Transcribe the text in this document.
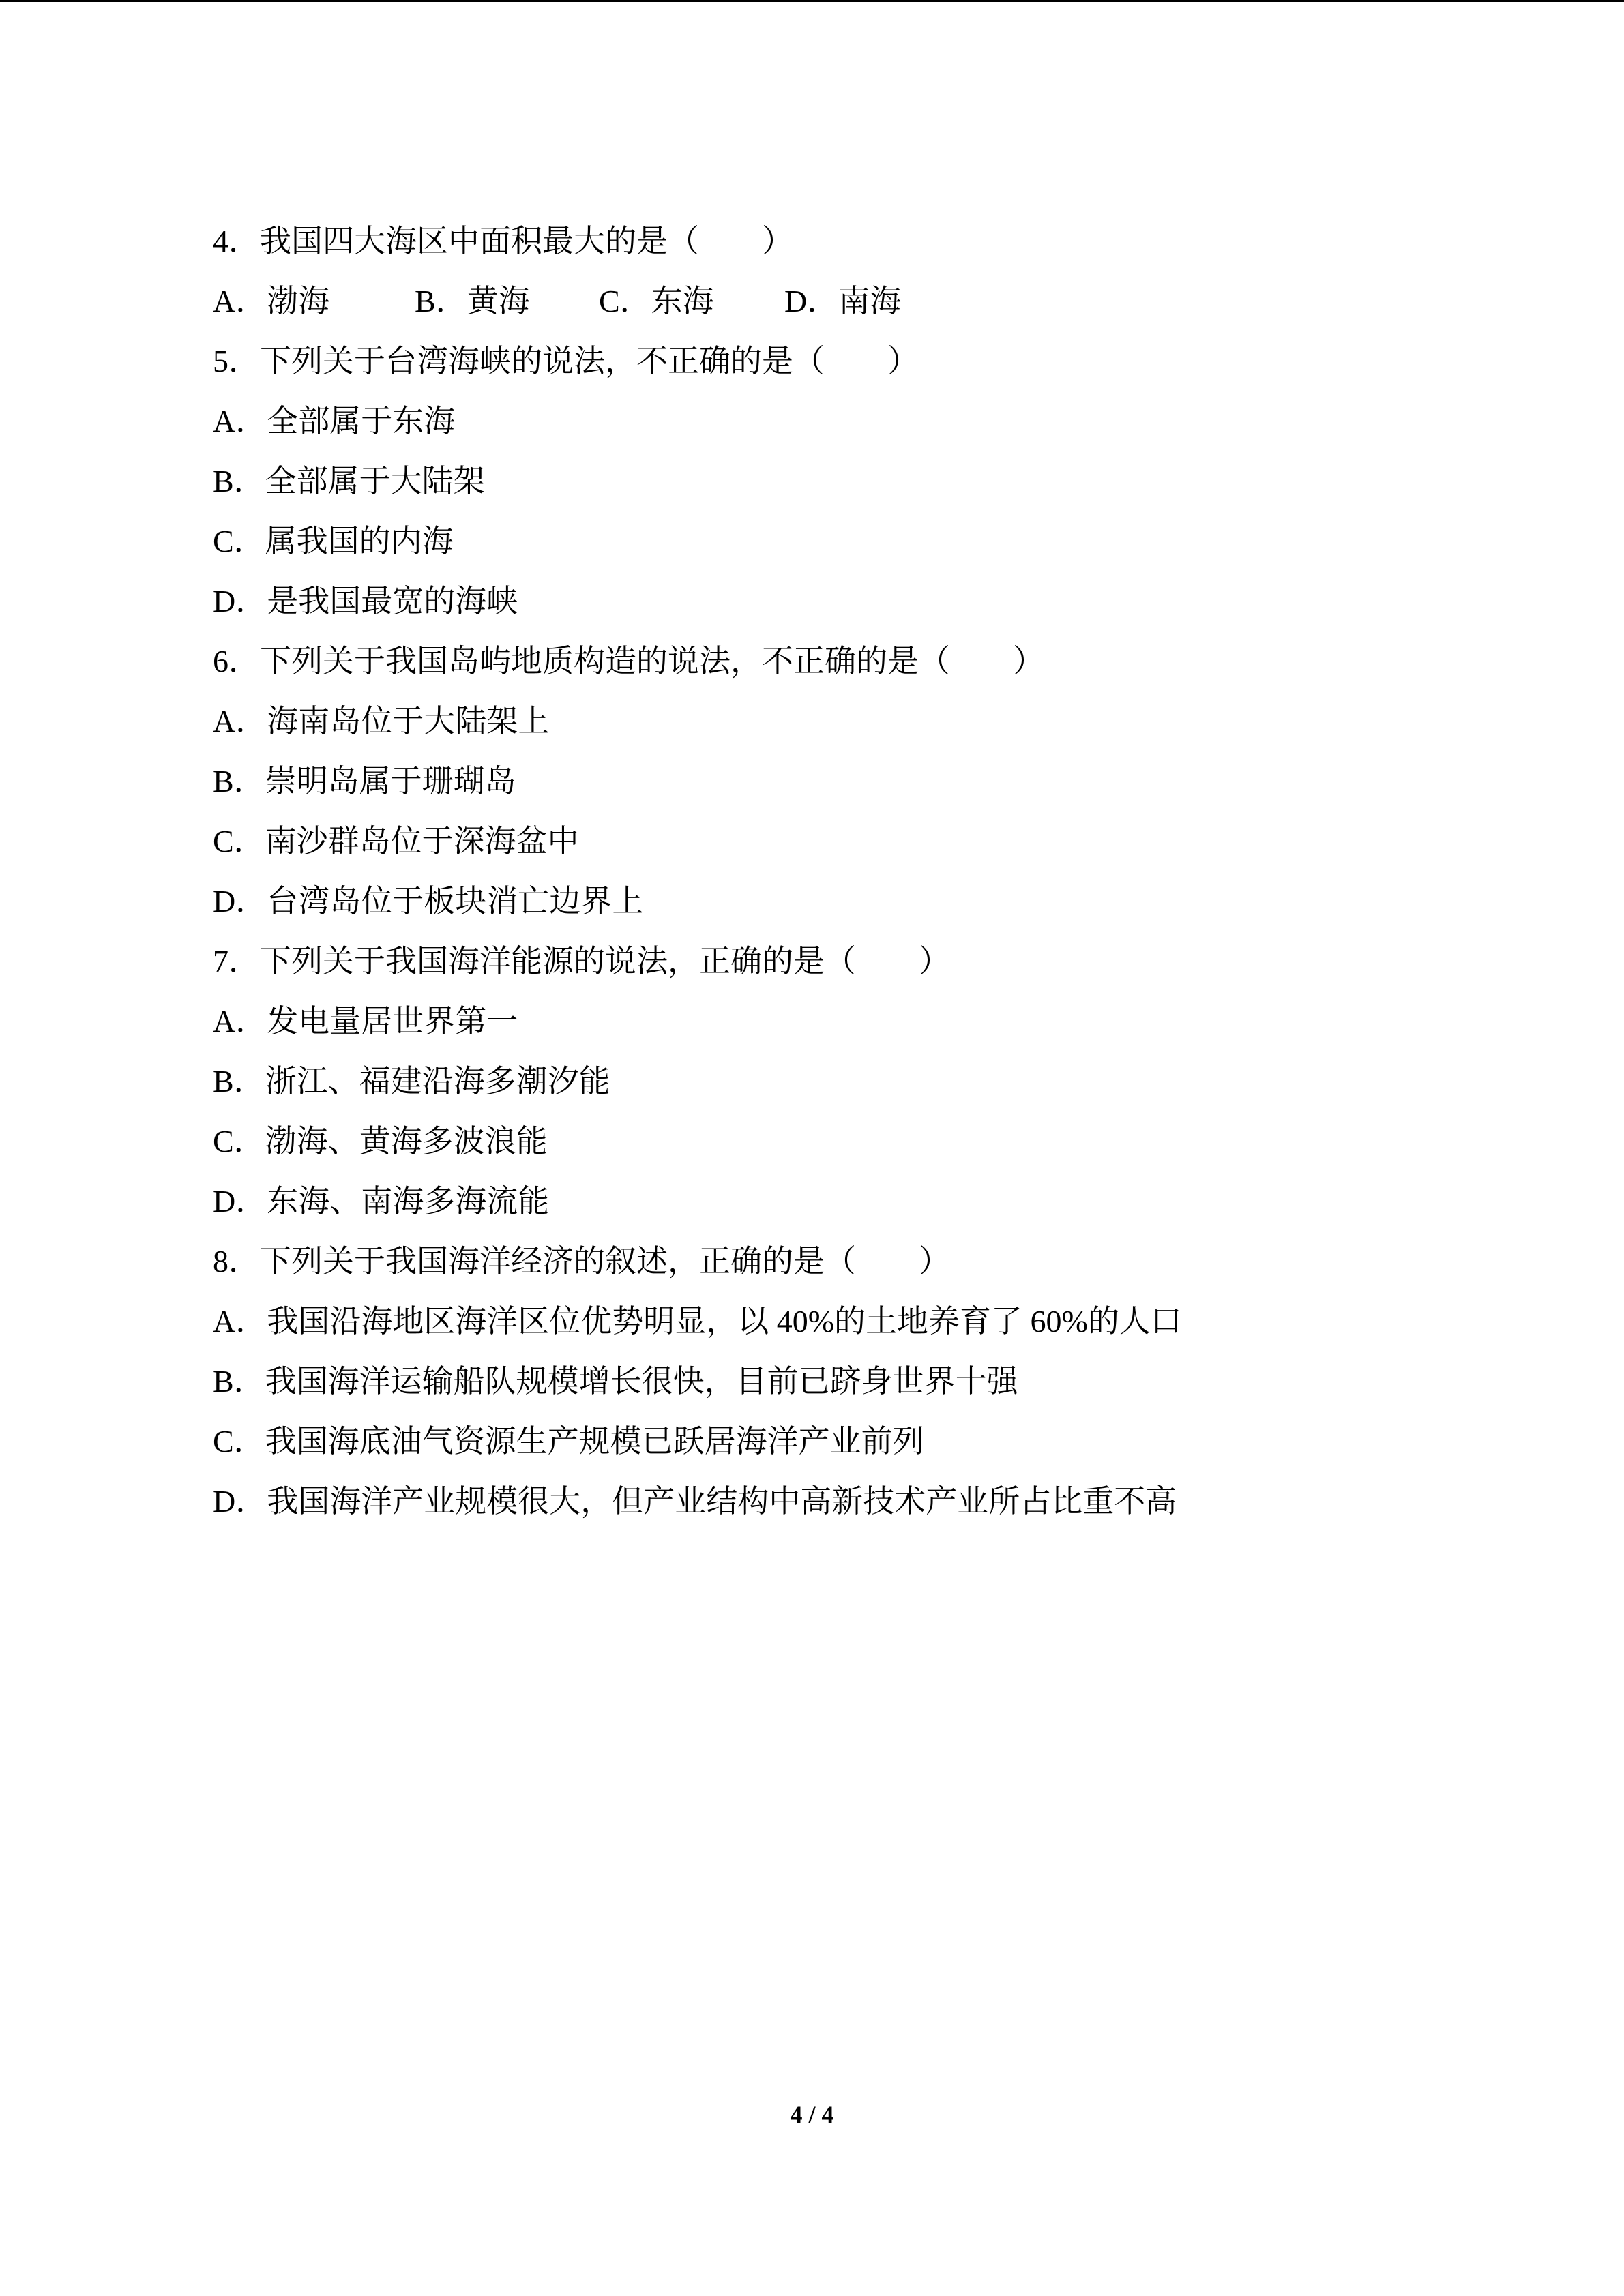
4．我国四大海区中面积最大的是（　　）
A．渤海	B．黄海	C．东海	D．南海
5．下列关于台湾海峡的说法，不正确的是（　　）
A．全部属于东海
B．全部属于大陆架
C．属我国的内海
D．是我国最宽的海峡
6．下列关于我国岛屿地质构造的说法，不正确的是（　　）
A．海南岛位于大陆架上
B．崇明岛属于珊瑚岛
C．南沙群岛位于深海盆中
D．台湾岛位于板块消亡边界上
7．下列关于我国海洋能源的说法，正确的是（　　）
A．发电量居世界第一
B．浙江、福建沿海多潮汐能
C．渤海、黄海多波浪能
D．东海、南海多海流能
8．下列关于我国海洋经济的叙述，正确的是（　　）
A．我国沿海地区海洋区位优势明显，以 40%的土地养育了 60%的人口
B．我国海洋运输船队规模增长很快，目前已跻身世界十强
C．我国海底油气资源生产规模已跃居海洋产业前列
D．我国海洋产业规模很大，但产业结构中高新技术产业所占比重不高
4 / 4
